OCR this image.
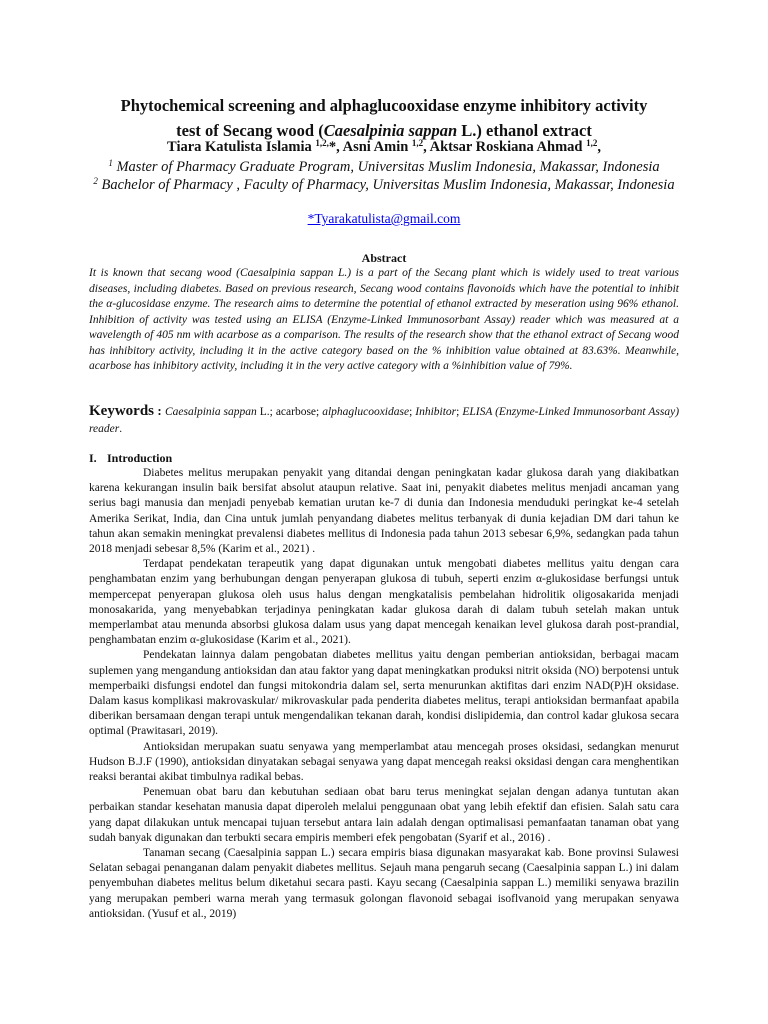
Phytochemical screening and alphaglucooxidase enzyme inhibitory activity
test of Secang wood (Caesalpinia sappan L.) ethanol extract
Tiara Katulista Islamia $^{1,2,}$*, Asni Amin $^{1,2}$, Aktsar Roskiana Ahmad $^{1,2}$,
$^1$ Master of Pharmacy Graduate Program, Universitas Muslim Indonesia, Makassar, Indonesia
$^2$ Bachelor of Pharmacy , Faculty of Pharmacy, Universitas Muslim Indonesia, Makassar, Indonesia
*Tyarakatulista@gmail.com
Abstract
It is known that secang wood (Caesalpinia sappan L.) is a part of the Secang plant which is widely used to treat various diseases, including diabetes. Based on previous research, Secang wood contains flavonoids which have the potential to inhibit the α-glucosidase enzyme. The research aims to determine the potential of ethanol extracted by meseration using 96% ethanol. Inhibition of activity was tested using an ELISA (Enzyme-Linked Immunosorbant Assay) reader which was measured at a wavelength of 405 nm with acarbose as a comparison. The results of the research show that the ethanol extract of Secang wood has inhibitory activity, including it in the active category based on the % inhibition value obtained at 83.63%. Meanwhile, acarbose has inhibitory activity, including it in the very active category with a %inhibition value of 79%.
Keywords : Caesalpinia sappan L.; acarbose; alphaglucooxidase; Inhibitor; ELISA (Enzyme-Linked Immunosorbant Assay) reader.
I. Introduction

Diabetes melitus merupakan penyakit yang ditandai dengan peningkatan kadar glukosa darah yang diakibatkan karena kekurangan insulin baik bersifat absolut ataupun relative. Saat ini, penyakit diabetes melitus menjadi ancaman yang serius bagi manusia dan menjadi penyebab kematian urutan ke-7 di dunia dan Indonesia menduduki peringkat ke-4 setelah Amerika Serikat, India, dan Cina untuk jumlah penyandang diabetes melitus terbanyak di dunia kejadian DM dari tahun ke tahun akan semakin meningkat prevalensi diabetes mellitus di Indonesia pada tahun 2013 sebesar 6,9%, sedangkan pada tahun 2018 menjadi sebesar 8,5% (Karim et al., 2021) .

Terdapat pendekatan terapeutik yang dapat digunakan untuk mengobati diabetes mellitus yaitu dengan cara penghambatan enzim yang berhubungan dengan penyerapan glukosa di tubuh, seperti enzim α-glukosidase berfungsi untuk mempercepat penyerapan glukosa oleh usus halus dengan mengkatalisis pembelahan hidrolitik oligosakarida menjadi monosakarida, yang menyebabkan terjadinya peningkatan kadar glukosa darah di dalam tubuh setelah makan untuk memperlambat atau menunda absorbsi glukosa dalam usus yang dapat mencegah kenaikan level glukosa darah post-prandial, penghambatan enzim α-glukosidase (Karim et al., 2021).

Pendekatan lainnya dalam pengobatan diabetes mellitus yaitu dengan pemberian antioksidan, berbagai macam suplemen yang mengandung antioksidan dan atau faktor yang dapat meningkatkan produksi nitrit oksida (NO) berpotensi untuk memperbaiki disfungsi endotel dan fungsi mitokondria dalam sel, serta menurunkan aktifitas dari enzim NAD(P)H oksidase. Dalam kasus komplikasi makrovaskular/ mikrovaskular pada penderita diabetes melitus, terapi antioksidan bermanfaat apabila diberikan bersamaan dengan terapi untuk mengendalikan tekanan darah, kondisi dislipidemia, dan control kadar glukosa secara optimal (Prawitasari, 2019).

Antioksidan merupakan suatu senyawa yang memperlambat atau mencegah proses oksidasi, sedangkan menurut Hudson B.J.F (1990), antioksidan dinyatakan sebagai senyawa yang dapat mencegah reaksi oksidasi dengan cara menghentikan reaksi berantai akibat timbulnya radikal bebas.

Penemuan obat baru dan kebutuhan sediaan obat baru terus meningkat sejalan dengan adanya tuntutan akan perbaikan standar kesehatan manusia dapat diperoleh melalui penggunaan obat yang lebih efektif dan efisien. Salah satu cara yang dapat dilakukan untuk mencapai tujuan tersebut antara lain adalah dengan optimalisasi pemanfaatan tanaman obat yang sudah banyak digunakan dan terbukti secara empiris memberi efek pengobatan (Syarif et al., 2016) .

Tanaman secang (Caesalpinia sappan L.) secara empiris biasa digunakan masyarakat kab. Bone provinsi Sulawesi Selatan sebagai penanganan dalam penyakit diabetes mellitus. Sejauh mana pengaruh secang (Caesalpinia sappan L.) ini dalam penyembuhan diabetes melitus belum diketahui secara pasti. Kayu secang (Caesalpinia sappan L.) memiliki senyawa brazilin yang merupakan pemberi warna merah yang termasuk golongan flavonoid sebagai isoflvanoid yang merupakan senyawa antioksidan. (Yusuf et al., 2019)
